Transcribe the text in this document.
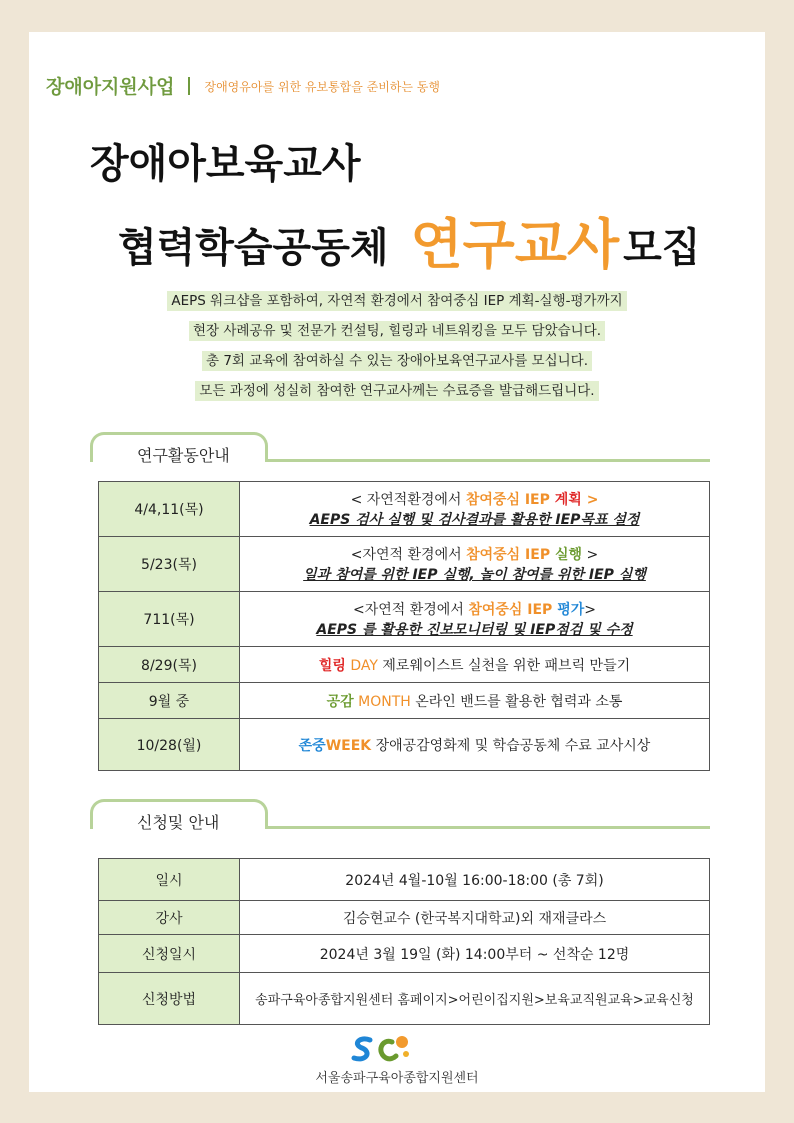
장애아지원사업	장애영유아를 위한 유보통합을 준비하는 동행
장애아보육교사
협력학습공동체 연구교사 모집
AEPS 워크샵을 포함하여, 자연적 환경에서 참여중심 IEP 계획-실행-평가까지
현장 사례공유 및 전문가 컨설팅, 힐링과 네트워킹을 모두 담았습니다.
총 7회 교육에 참여하실 수 있는 장애아보육연구교사를 모십니다.
모든 과정에 성실히 참여한 연구교사께는 수료증을 발급해드립니다.
연구활동안내
4/4,11(목)	< 자연적환경에서 참여중심 IEP 계획 >
AEPS 검사 실행 및 검사결과를 활용한 IEP목표 설정

5/23(목)	<자연적 환경에서 참여중심 IEP 실행 >
일과 참여를 위한 IEP 실행, 놀이 참여를 위한 IEP 실행

711(목)	<자연적 환경에서 참여중심 IEP 평가>
AEPS 를 활용한 진보모니터링 및 IEP점검 및 수정

8/29(목)	힐링 DAY 제로웨이스트 실천을 위한 패브릭 만들기
9월 중	공감 MONTH 온라인 밴드를 활용한 협력과 소통
10/28(월)	존중WEEK 장애공감영화제 및 학습공동체 수료 교사시상
신청및 안내
일시	2024년 4월-10월 16:00-18:00 (총 7회)
강사	김승현교수 (한국복지대학교)외 재재클라스
신청일시	2024년 3월 19일 (화) 14:00부터 ~ 선착순 12명
신청방법	송파구육아종합지원센터 홈페이지>어린이집지원>보육교직원교육>교육신청
서울송파구육아종합지원센터
